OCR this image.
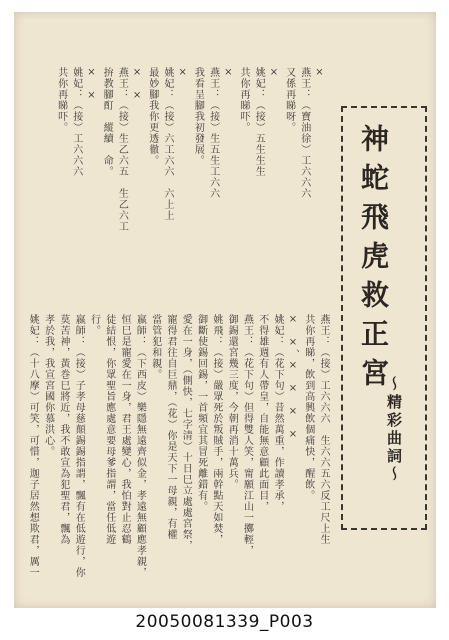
×
燕王：（寶油徐）工六六六
又係再睇呀。
×
姚妃：（接）五生生生
共你再睇吓。
×
燕王：（接）生五生工六六
我看呈腳我初發展。
×
姚妃：（接）六工六六　六上上
最妙腳我你更透徹。
×　×
燕王：（接）生乙六五　生乙六工
拚教腳酊　縱續　命。
×　×
姚妃：（接）工六六六
共你再睇吓。
燕王：（接）工六六六　生六六五六反工尺上生
共你再睇，飲到高興飲個痛快，醒飲。
×　×、×　×　×　×
姚妃：（花下句）昔然萬重，作讀孝承，
不得雄週有人帶皇，自能無意顧此面目，
燕王：（花下句）但得雙人笑，甯願江山一擲輕，
御錫還宮幾三度，今朝再消十萬兵。
姚飛：（接）嚴眾死於叛賊手，兩幹點天如焚，
御斷使錫回錫，一首頻宜其冒死離錯有。
愛在一身，（側快，七字清）十日巳立處處宮祭，
寵得君往自巨鼎，（花）你是天下一母親，有權
當管犯和親。
嬴師：（下西皮）樂隱無遠齊似金，孝遠無顧應孝親，
恒巳是寵愛在一身，君王處變心，我怕對止忍鶴
徒結恨，你眾聖旨應處意要母爹指謂，當任低遊
行。
嬴師：（接）子孝母慈顛錫錫指謂，飄有在低遊行，你
莫苦神，黃巻巳將近，我不敢宣為犯聖君，飄為
孝於我，我宣宮國你慕洪心。
姚妃：（十八摩）可笑，可惜，迦子居然想欺君，厲一
神蛇飛虎救正宮
〜精彩曲詞〜
20050081339_P003
